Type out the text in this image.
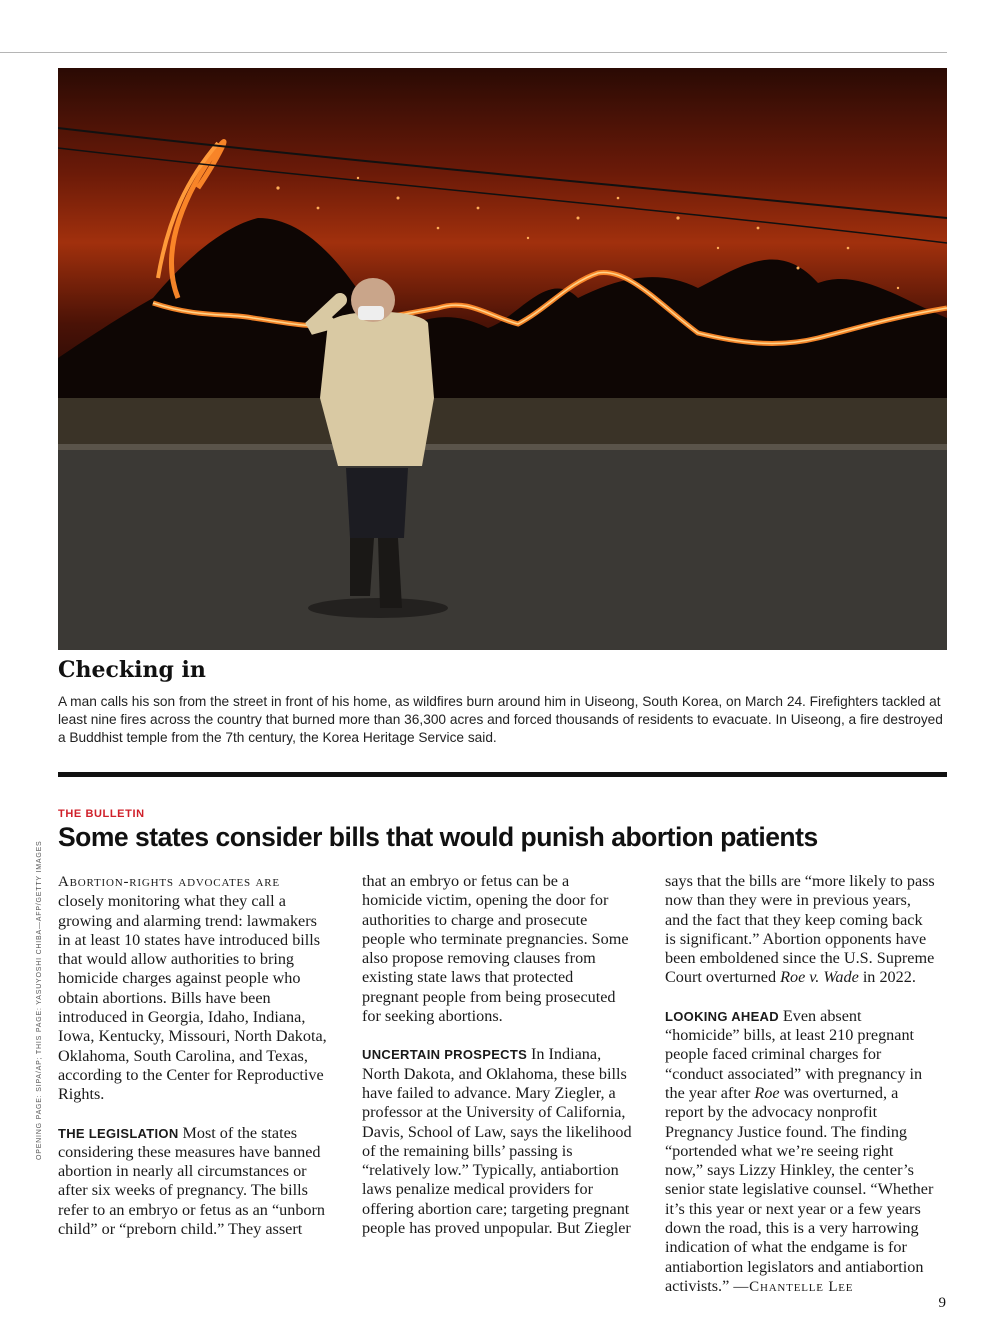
Checking in

A man calls his son from the street in front of his home, as wildfires burn around him in Uiseong, South Korea, on March 24. Firefighters tackled at least nine fires across the country that burned more than 36,300 acres and forced thousands of residents to evacuate. In Uiseong, a fire destroyed a Buddhist temple from the 7th century, the Korea Heritage Service said.

THE BULLETIN
Some states consider bills that would punish abortion patients

Abortion-rights advocates are closely monitoring what they call a growing and alarming trend: lawmakers in at least 10 states have introduced bills that would allow authorities to bring homicide charges against people who obtain abortions. Bills have been introduced in Georgia, Idaho, Indiana, Iowa, Kentucky, Missouri, North Dakota, Oklahoma, South Carolina, and Texas, according to the Center for Reproductive Rights.

THE LEGISLATION Most of the states considering these measures have banned abortion in nearly all circumstances or after six weeks of pregnancy. The bills refer to an embryo or fetus as an “unborn child” or “preborn child.” They assert

that an embryo or fetus can be a homicide victim, opening the door for authorities to charge and prosecute people who terminate pregnancies. Some also propose removing clauses from existing state laws that protected pregnant people from being prosecuted for seeking abortions.

UNCERTAIN PROSPECTS In Indiana, North Dakota, and Oklahoma, these bills have failed to advance. Mary Ziegler, a professor at the University of California, Davis, School of Law, says the likelihood of the remaining bills’ passing is “relatively low.” Typically, antiabortion laws penalize medical providers for offering abortion care; targeting pregnant people has proved unpopular. But Ziegler

says that the bills are “more likely to pass now than they were in previous years, and the fact that they keep coming back is significant.” Abortion opponents have been emboldened since the U.S. Supreme Court overturned Roe v. Wade in 2022.

LOOKING AHEAD Even absent “homicide” bills, at least 210 pregnant people faced criminal charges for “conduct associated” with pregnancy in the year after Roe was overturned, a report by the advocacy nonprofit Pregnancy Justice found. The finding “portended what we’re seeing right now,” says Lizzy Hinkley, the center’s senior state legislative counsel. “Whether it’s this year or next year or a few years down the road, this is a very harrowing indication of what the endgame is for antiabortion legislators and antiabortion activists.” —Chantelle Lee

OPENING PAGE: SIPA/AP; THIS PAGE: YASUYOSHI CHIBA—AFP/GETTY IMAGES
9
